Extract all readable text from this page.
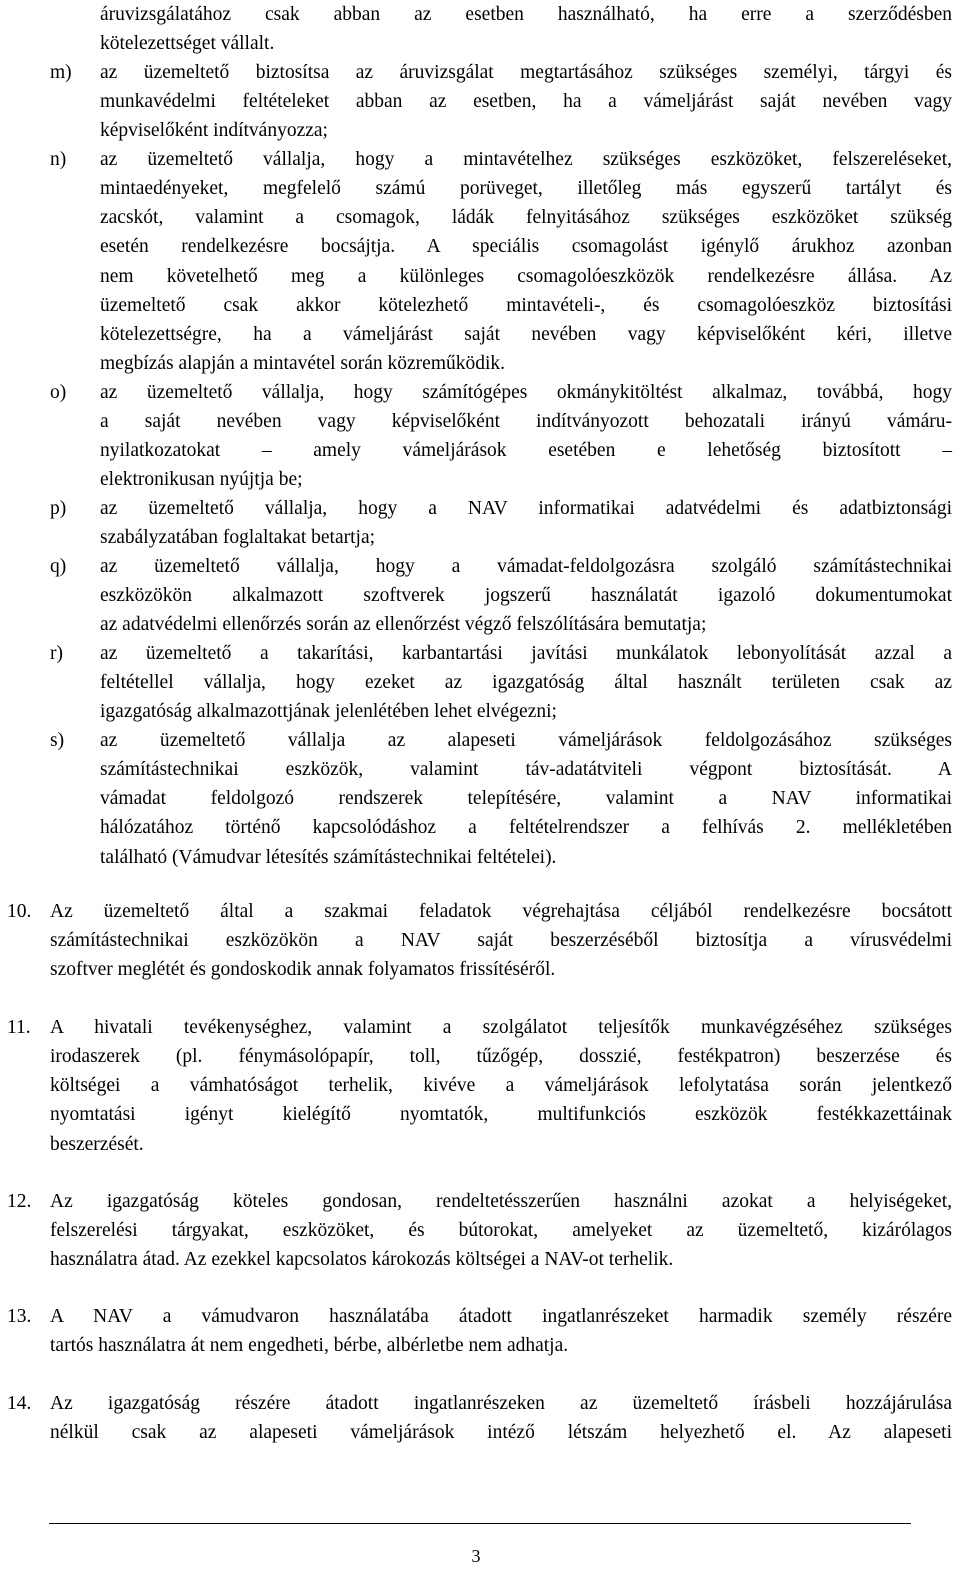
áruvizsgálatához csak abban az esetben használható, ha erre a szerződésben
kötelezettséget vállalt.
m) az üzemeltető biztosítsa az áruvizsgálat megtartásához szükséges személyi, tárgyi és
munkavédelmi feltételeket abban az esetben, ha a vámeljárást saját nevében vagy
képviselőként indítványozza;
n) az üzemeltető vállalja, hogy a mintavételhez szükséges eszközöket, felszereléseket,
mintaedényeket, megfelelő számú porüveget, illetőleg más egyszerű tartályt és
zacskót, valamint a csomagok, ládák felnyitásához szükséges eszközöket szükség
esetén rendelkezésre bocsájtja. A speciális csomagolást igénylő árukhoz azonban
nem követelhető meg a különleges csomagolóeszközök rendelkezésre állása. Az
üzemeltető csak akkor kötelezhető mintavételi-, és csomagolóeszköz biztosítási
kötelezettségre, ha a vámeljárást saját nevében vagy képviselőként kéri, illetve
megbízás alapján a mintavétel során közreműködik.
o) az üzemeltető vállalja, hogy számítógépes okmánykitöltést alkalmaz, továbbá, hogy
a saját nevében vagy képviselőként indítványozott behozatali irányú vámáru-
nyilatkozatokat – amely vámeljárások esetében e lehetőség biztosított –
elektronikusan nyújtja be;
p) az üzemeltető vállalja, hogy a NAV informatikai adatvédelmi és adatbiztonsági
szabályzatában foglaltakat betartja;
q) az üzemeltető vállalja, hogy a vámadat-feldolgozásra szolgáló számítástechnikai
eszközökön alkalmazott szoftverek jogszerű használatát igazoló dokumentumokat
az adatvédelmi ellenőrzés során az ellenőrzést végző felszólítására bemutatja;
r) az üzemeltető a takarítási, karbantartási javítási munkálatok lebonyolítását azzal a
feltétellel vállalja, hogy ezeket az igazgatóság által használt területen csak az
igazgatóság alkalmazottjának jelenlétében lehet elvégezni;
s) az üzemeltető vállalja az alapeseti vámeljárások feldolgozásához szükséges
számítástechnikai eszközök, valamint táv-adatátviteli végpont biztosítását. A
vámadat feldolgozó rendszerek telepítésére, valamint a NAV informatikai
hálózatához történő kapcsolódáshoz a feltételrendszer a felhívás 2. mellékletében
található (Vámudvar létesítés számítástechnikai feltételei).
10. Az üzemeltető által a szakmai feladatok végrehajtása céljából rendelkezésre bocsátott
számítástechnikai eszközökön a NAV saját beszerzéséből biztosítja a vírusvédelmi
szoftver meglétét és gondoskodik annak folyamatos frissítéséről.
11. A hivatali tevékenységhez, valamint a szolgálatot teljesítők munkavégzéséhez szükséges
irodaszerek (pl. fénymásolópapír, toll, tűzőgép, dosszié, festékpatron) beszerzése és
költségei a vámhatóságot terhelik, kivéve a vámeljárások lefolytatása során jelentkező
nyomtatási igényt kielégítő nyomtatók, multifunkciós eszközök festékkazettáinak
beszerzését.
12. Az igazgatóság köteles gondosan, rendeltetésszerűen használni azokat a helyiségeket,
felszerelési tárgyakat, eszközöket, és bútorokat, amelyeket az üzemeltető, kizárólagos
használatra átad. Az ezekkel kapcsolatos károkozás költségei a NAV-ot terhelik.
13. A NAV a vámudvaron használatába átadott ingatlanrészeket harmadik személy részére
tartós használatra át nem engedheti, bérbe, albérletbe nem adhatja.
14. Az igazgatóság részére átadott ingatlanrészeken az üzemeltető írásbeli hozzájárulása
nélkül csak az alapeseti vámeljárások intéző létszám helyezhető el. Az alapeseti
3
